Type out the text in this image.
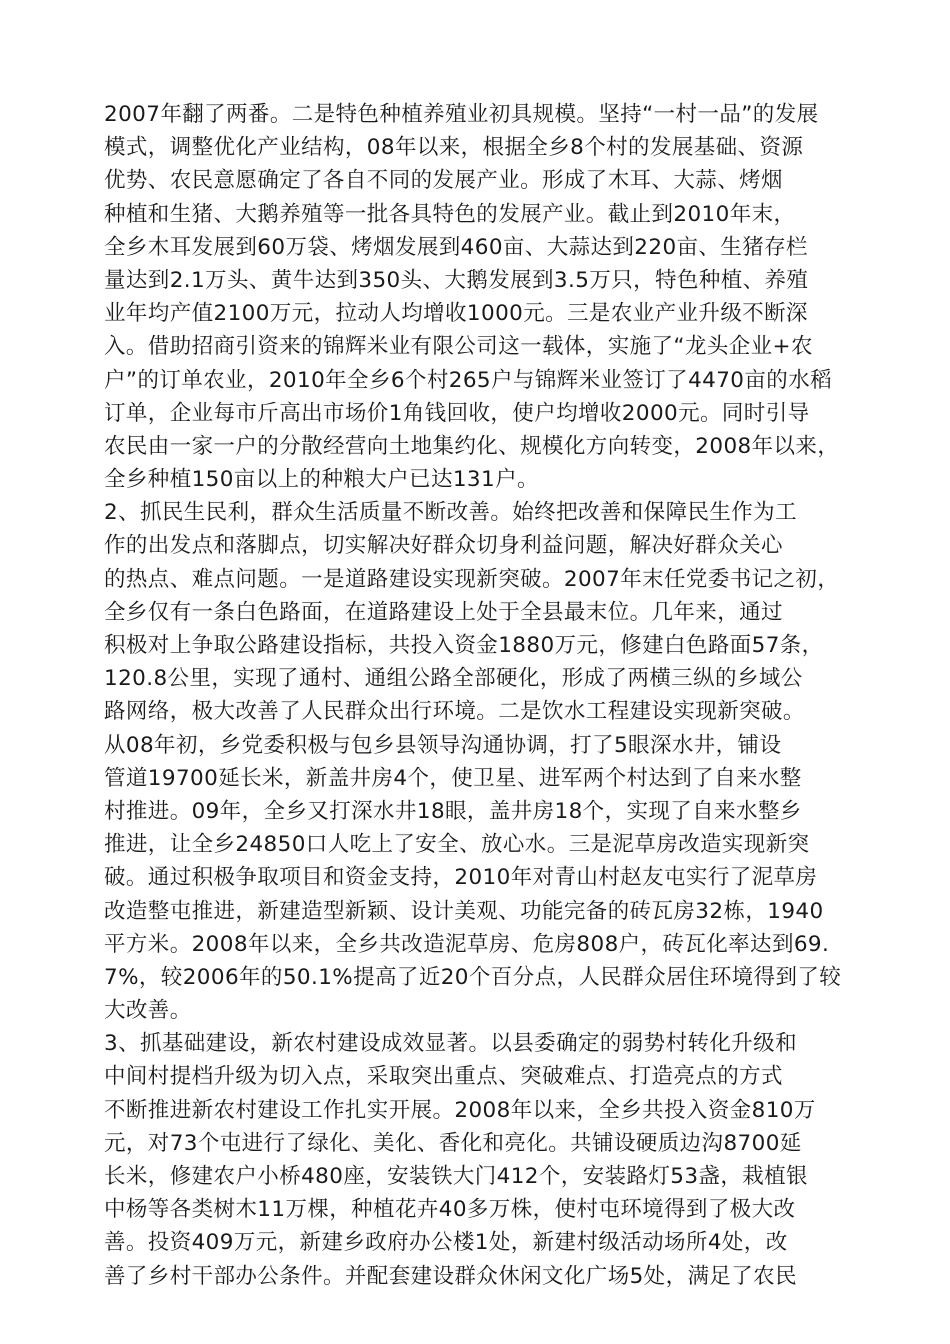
2007年翻了两番。二是特色种植养殖业初具规模。坚持“一村一品”的发展
模式，调整优化产业结构，08年以来，根据全乡8个村的发展基础、资源
优势、农民意愿确定了各自不同的发展产业。形成了木耳、大蒜、烤烟
种植和生猪、大鹅养殖等一批各具特色的发展产业。截止到2010年末，
全乡木耳发展到60万袋、烤烟发展到460亩、大蒜达到220亩、生猪存栏
量达到2.1万头、黄牛达到350头、大鹅发展到3.5万只，特色种植、养殖
业年均产值2100万元，拉动人均增收1000元。三是农业产业升级不断深
入。借助招商引资来的锦辉米业有限公司这一载体，实施了“龙头企业+农
户”的订单农业，2010年全乡6个村265户与锦辉米业签订了4470亩的水稻
订单，企业每市斤高出市场价1角钱回收，使户均增收2000元。同时引导
农民由一家一户的分散经营向土地集约化、规模化方向转变，2008年以来，
全乡种植150亩以上的种粮大户已达131户。
2、抓民生民利，群众生活质量不断改善。始终把改善和保障民生作为工
作的出发点和落脚点，切实解决好群众切身利益问题，解决好群众关心
的热点、难点问题。一是道路建设实现新突破。2007年末任党委书记之初，
全乡仅有一条白色路面，在道路建设上处于全县最末位。几年来，通过
积极对上争取公路建设指标，共投入资金1880万元，修建白色路面57条，
120.8公里，实现了通村、通组公路全部硬化，形成了两横三纵的乡域公
路网络，极大改善了人民群众出行环境。二是饮水工程建设实现新突破。
从08年初，乡党委积极与包乡县领导沟通协调，打了5眼深水井，铺设
管道19700延长米，新盖井房4个，使卫星、进军两个村达到了自来水整
村推进。09年，全乡又打深水井18眼，盖井房18个，实现了自来水整乡
推进，让全乡24850口人吃上了安全、放心水。三是泥草房改造实现新突
破。通过积极争取项目和资金支持，2010年对青山村赵友屯实行了泥草房
改造整屯推进，新建造型新颖、设计美观、功能完备的砖瓦房32栋，1940
平方米。2008年以来，全乡共改造泥草房、危房808户，砖瓦化率达到69.
7%，较2006年的50.1%提高了近20个百分点，人民群众居住环境得到了较
大改善。
3、抓基础建设，新农村建设成效显著。以县委确定的弱势村转化升级和
中间村提档升级为切入点，采取突出重点、突破难点、打造亮点的方式
不断推进新农村建设工作扎实开展。2008年以来，全乡共投入资金810万
元，对73个屯进行了绿化、美化、香化和亮化。共铺设硬质边沟8700延
长米，修建农户小桥480座，安装铁大门412个，安装路灯53盏，栽植银
中杨等各类树木11万棵，种植花卉40多万株，使村屯环境得到了极大改
善。投资409万元，新建乡政府办公楼1处，新建村级活动场所4处，改
善了乡村干部办公条件。并配套建设群众休闲文化广场5处，满足了农民
